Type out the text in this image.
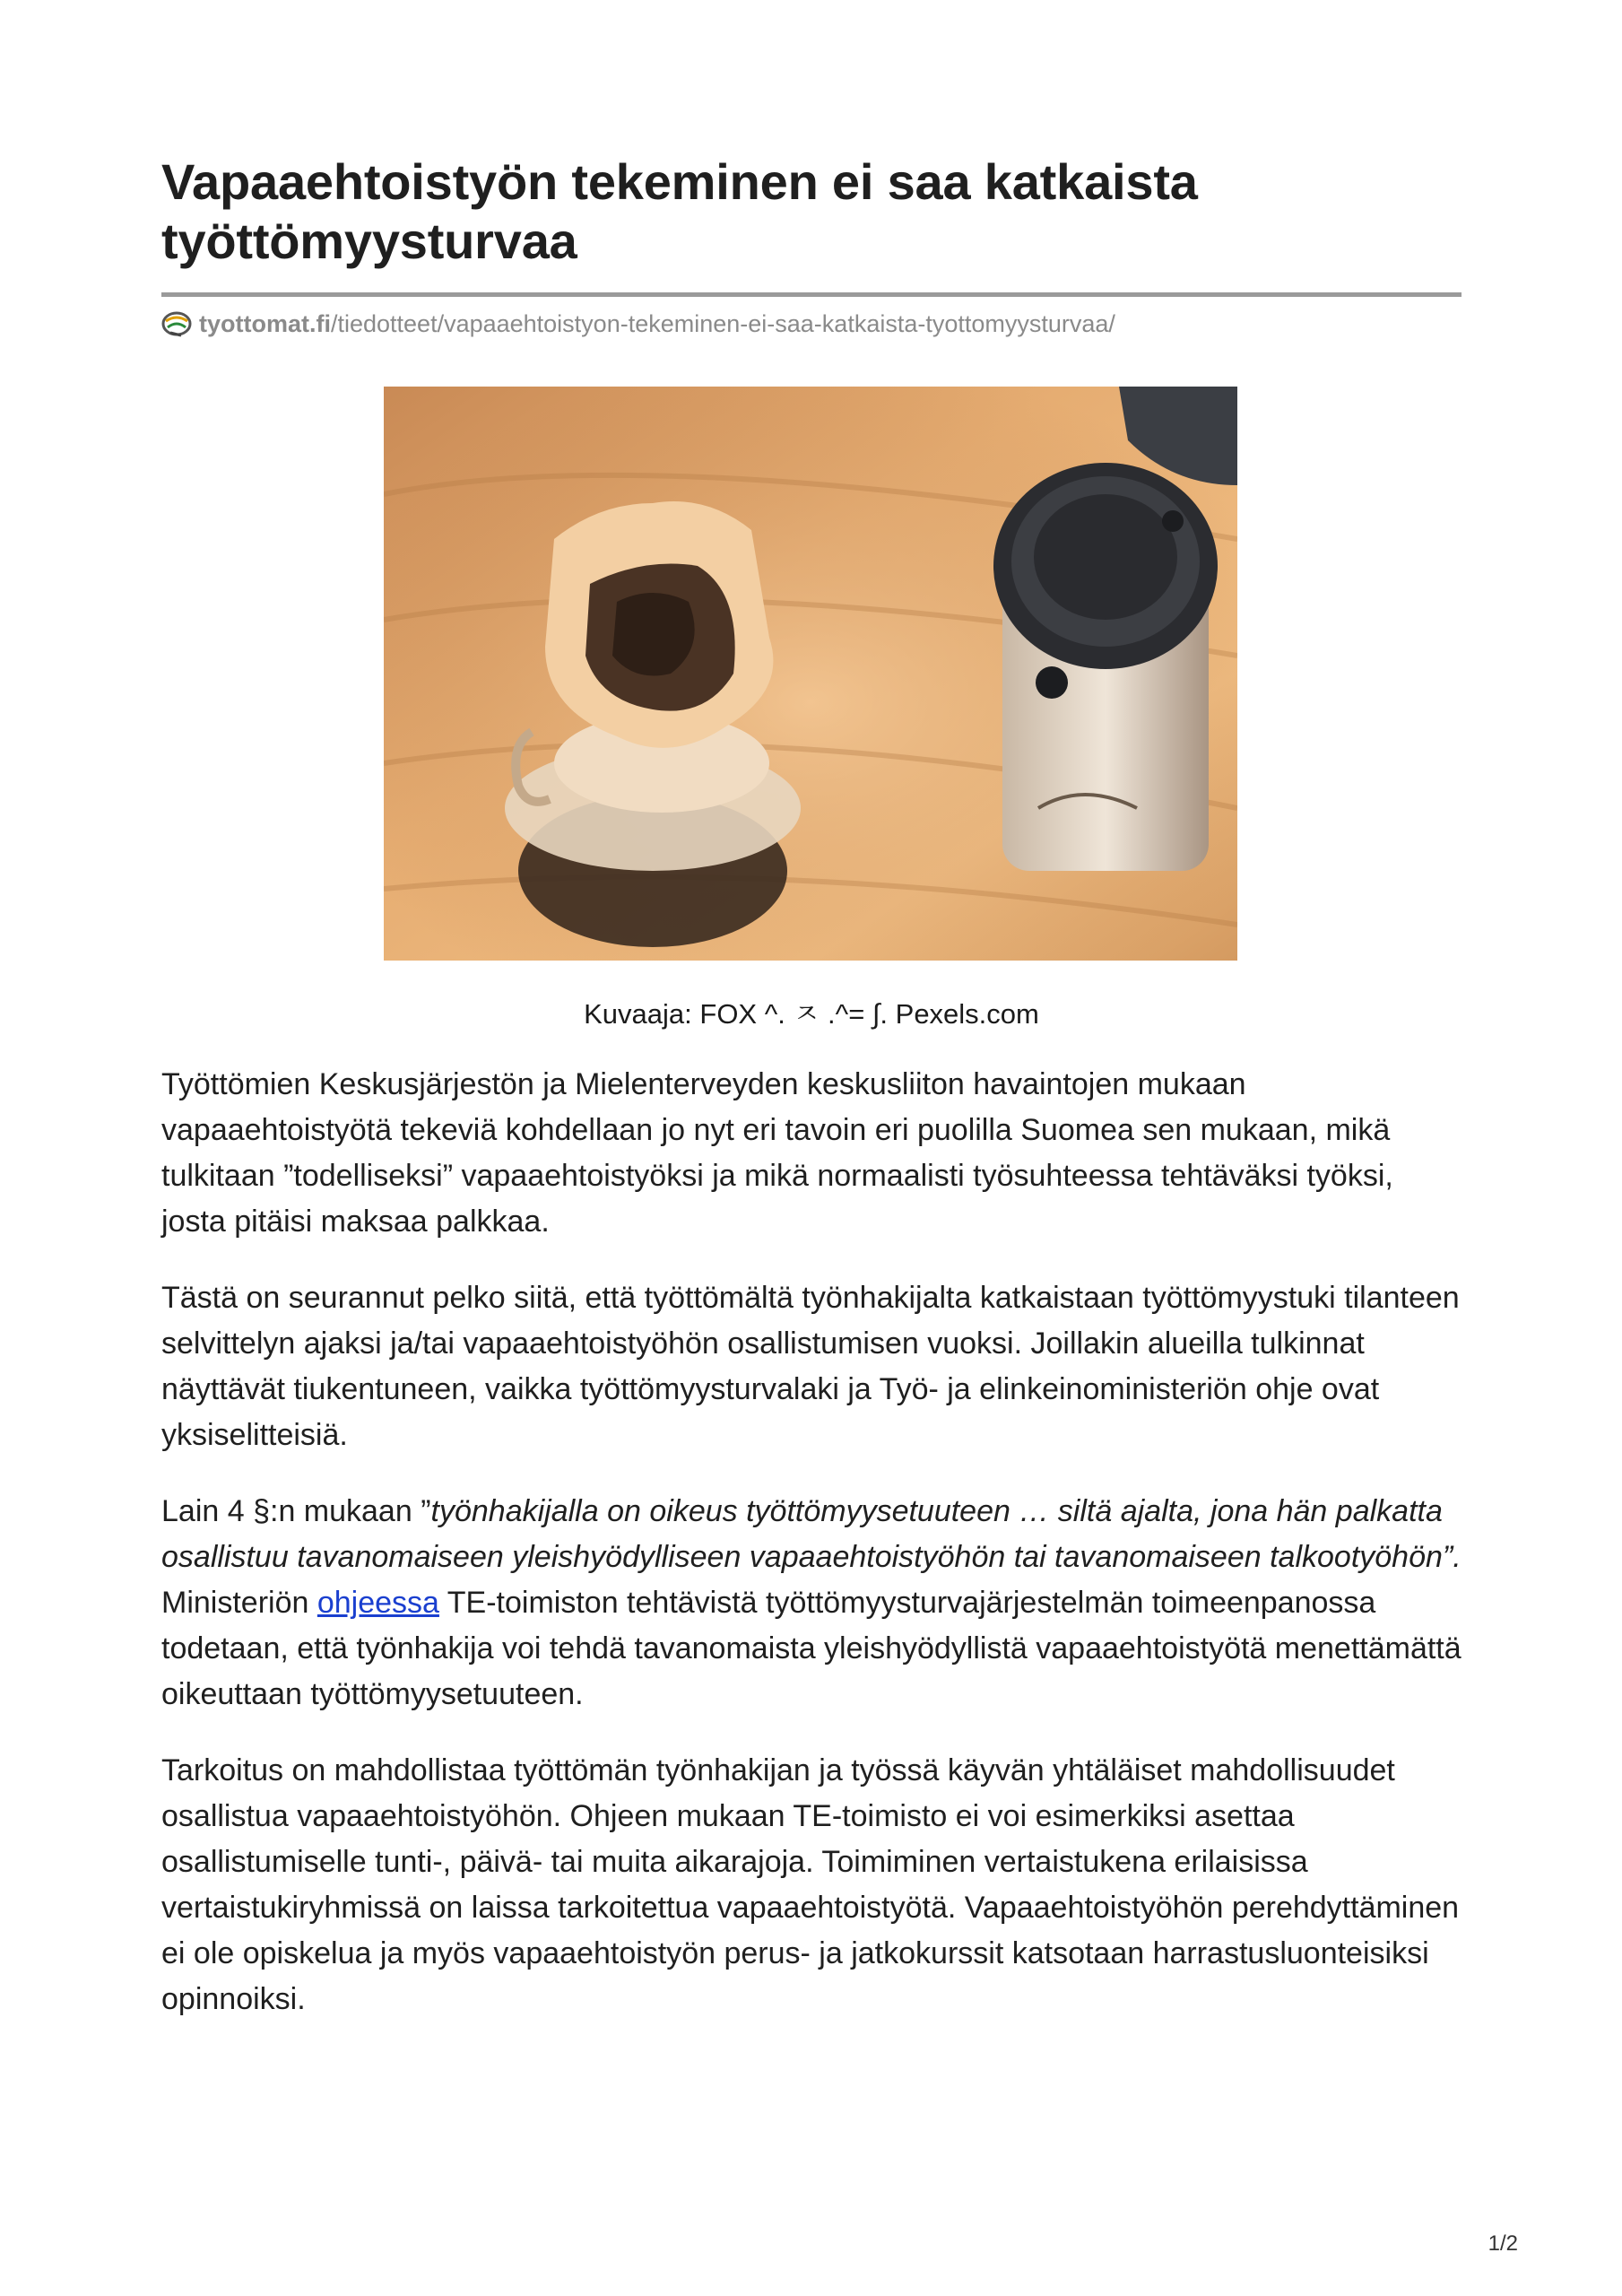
Vapaaehtoistyön tekeminen ei saa katkaista työttömyysturvaa
tyottomat.fi /tiedotteet/vapaaehtoistyon-tekeminen-ei-saa-katkaista-tyottomyysturvaa/
Kuvaaja: FOX ^. ㅈ .^= ∫. Pexels.com

Työttömien Keskusjärjestön ja Mielenterveyden keskusliiton havaintojen mukaan vapaaehtoistyötä tekeviä kohdellaan jo nyt eri tavoin eri puolilla Suomea sen mukaan, mikä tulkitaan ”todelliseksi” vapaaehtoistyöksi ja mikä normaalisti työsuhteessa tehtäväksi työksi, josta pitäisi maksaa palkkaa.

Tästä on seurannut pelko siitä, että työttömältä työnhakijalta katkaistaan työttömyystuki tilanteen selvittelyn ajaksi ja/tai vapaaehtoistyöhön osallistumisen vuoksi. Joillakin alueilla tulkinnat näyttävät tiukentuneen, vaikka työttömyysturvalaki ja Työ- ja elinkeinoministeriön ohje ovat yksiselitteisiä.

Lain 4 §:n mukaan ”työnhakijalla on oikeus työttömyysetuuteen … siltä ajalta, jona hän palkatta osallistuu tavanomaiseen yleishyödylliseen vapaaehtoistyöhön tai tavanomaiseen talkootyöhön”.  Ministeriön ohjeessa TE-toimiston tehtävistä työttömyysturvajärjestelmän toimeenpanossa todetaan, että työnhakija voi tehdä tavanomaista yleishyödyllistä vapaaehtoistyötä menettämättä oikeuttaan työttömyysetuuteen.

Tarkoitus on mahdollistaa työttömän työnhakijan ja työssä käyvän yhtäläiset mahdollisuudet osallistua vapaaehtoistyöhön. Ohjeen mukaan TE-toimisto ei voi esimerkiksi asettaa osallistumiselle tunti-, päivä- tai muita aikarajoja. Toimiminen vertaistukena erilaisissa vertaistukiryhmissä on laissa tarkoitettua vapaaehtoistyötä. Vapaaehtoistyöhön perehdyttäminen ei ole opiskelua ja myös vapaaehtoistyön perus- ja jatkokurssit katsotaan harrastusluonteisiksi opinnoiksi.

1/2
